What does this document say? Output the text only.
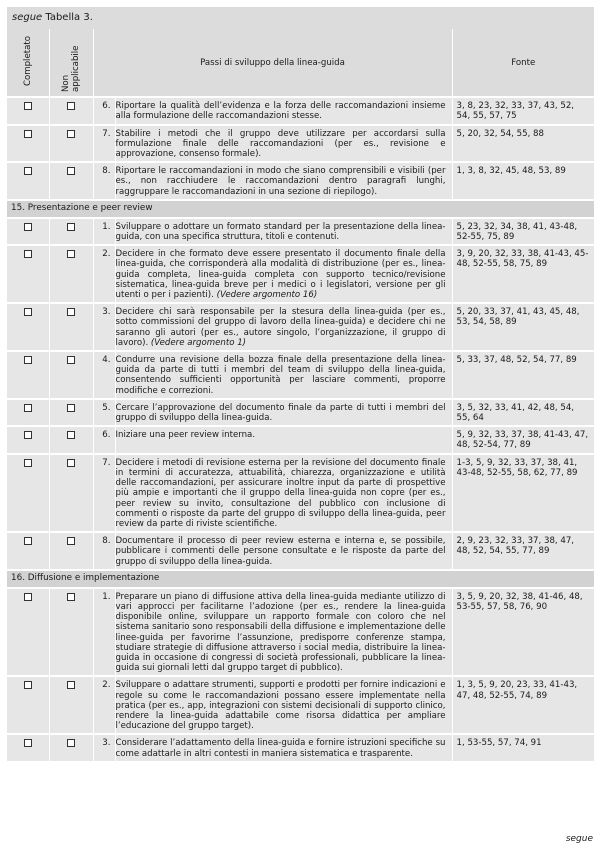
segue Tabella 3.
Completato	Non applicabile	Passi di sviluppo della linea-guida		Fonte
		6.	Riportare la qualità dell’evidenza e la forza delle raccomandazioni insieme alla formulazione delle raccomandazioni stesse.	3, 8, 23, 32, 33, 37, 43, 52, 54, 55, 57, 75
		7.	Stabilire i metodi che il gruppo deve utilizzare per accordarsi sulla formulazione finale delle raccomandazioni (per es., revisione e approvazione, consenso formale).	5, 20, 32, 54, 55, 88
		8.	Riportare le raccomandazioni in modo che siano comprensibili e visibili (per es., non racchiudere le raccomandazioni dentro paragrafi lunghi, raggruppare le raccomandazioni in una sezione di riepilogo).	1, 3, 8, 32, 45, 48, 53, 89
15. Presentazione e peer review				
		1.	Sviluppare o adottare un formato standard per la presentazione della linea-guida, con una specifica struttura, titoli e contenuti.	5, 23, 32, 34, 38, 41, 43-48, 52-55, 75, 89
		2.	Decidere in che formato deve essere presentato il documento finale della linea-guida, che corrisponderà alla modalità di distribuzione (per es., linea-guida completa, linea-guida completa con supporto tecnico/revisione sistematica, linea-guida breve per i medici o i legislatori, versione per gli utenti o per i pazienti). (Vedere argomento 16)	3, 9, 20, 32, 33, 38, 41-43, 45-48, 52-55, 58, 75, 89
		3.	Decidere chi sarà responsabile per la stesura della linea-guida (per es., sotto commissioni del gruppo di lavoro della linea-guida) e decidere chi ne saranno gli autori (per es., autore singolo, l’organizzazione, il gruppo di lavoro). (Vedere argomento 1)	5, 20, 33, 37, 41, 43, 45, 48, 53, 54, 58, 89
		4.	Condurre una revisione della bozza finale della presentazione della linea-guida da parte di tutti i membri del team di sviluppo della linea-guida, consentendo sufficienti opportunità per lasciare commenti, proporre modifiche e correzioni.	5, 33, 37, 48, 52, 54, 77, 89
		5.	Cercare l’approvazione del documento finale da parte di tutti i membri del gruppo di sviluppo della linea-guida.	3, 5, 32, 33, 41, 42, 48, 54, 55, 64
		6.	Iniziare una peer review interna.	5, 9, 32, 33, 37, 38, 41-43, 47, 48, 52-54, 77, 89
		7.	Decidere i metodi di revisione esterna per la revisione del documento finale in termini di accuratezza, attuabilità, chiarezza, organizzazione e utilità delle raccomandazioni, per assicurare inoltre input da parte di prospettive più ampie e importanti che il gruppo della linea-guida non copre (per es., peer review su invito, consultazione del pubblico con inclusione di commenti o risposte da parte del gruppo di sviluppo della linea-guida, peer review da parte di riviste scientifiche.	1-3, 5, 9, 32, 33, 37, 38, 41, 43-48, 52-55, 58, 62, 77, 89
		8.	Documentare il processo di peer review esterna e interna e, se possibile, pubblicare i commenti delle persone consultate e le risposte da parte del gruppo di sviluppo della linea-guida.	2, 9, 23, 32, 33, 37, 38, 47, 48, 52, 54, 55, 77, 89
16. Diffusione e implementazione				
		1.	Preparare un piano di diffusione attiva della linea-guida mediante utilizzo di vari approcci per facilitarne l’adozione (per es., rendere la linea-guida disponibile online, sviluppare un rapporto formale con coloro che nel sistema sanitario sono responsabili della diffusione e implementazione delle linee-guida per favorirne l’assunzione, predisporre conferenze stampa, studiare strategie di diffusione attraverso i social media, distribuire la linea-guida in occasione di congressi di società professionali, pubblicare la linea-guida sui giornali letti dal gruppo target di pubblico).	3, 5, 9, 20, 32, 38, 41-46, 48, 53-55, 57, 58, 76, 90
		2.	Sviluppare o adattare strumenti, supporti e prodotti per fornire indicazioni e regole su come le raccomandazioni possano essere implementate nella pratica (per es., app, integrazioni con sistemi decisionali di supporto clinico, rendere la linea-guida adattabile come risorsa didattica per ampliare l’educazione del gruppo target).	1, 3, 5, 9, 20, 23, 33, 41-43, 47, 48, 52-55, 74, 89
		3.	Considerare l’adattamento della linea-guida e fornire istruzioni specifiche su come adattarle in altri contesti in maniera sistematica e trasparente.	1, 53-55, 57, 74, 91
segue
